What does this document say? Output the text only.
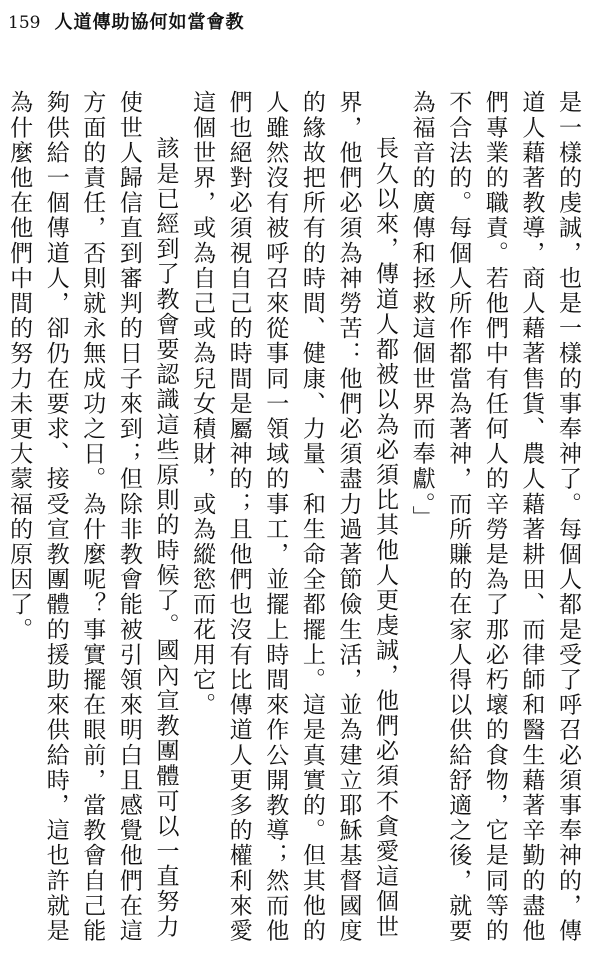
159 人道傳助協何如當會教

是一樣的虔誠，也是一樣的事奉神了。每個人都是受了呼召必須事奉神的，傳道人藉著教導，商人藉著售貨、農人藉著耕田、而律師和醫生藉著辛勤的盡他們專業的職責。若他們中有任何人的辛勞是為了那必朽壞的食物，它是同等的不合法的。每個人所作都當為著神，而所賺的在家人得以供給舒適之後，就要為福音的廣傳和拯救這個世界而奉獻。」

長久以來，傳道人都被以為必須比其他人更虔誠，他們必須不貪愛這個世界，他們必須為神勞苦：他們必須盡力過著節儉生活，並為建立耶穌基督國度的緣故把所有的時間、健康、力量、和生命全都擺上。這是真實的。但其他的人雖然沒有被呼召來從事同一領域的事工，並擺上時間來作公開教導；然而他們也絕對必須視自己的時間是屬神的；且他們也沒有比傳道人更多的權利來愛這個世界，或為自己或為兒女積財，或為縱慾而花用它。

該是已經到了教會要認識這些原則的時候了。國內宣教團體可以一直努力使世人歸信直到審判的日子來到；但除非教會能被引領來明白且感覺他們在這方面的責任，否則就永無成功之日。為什麼呢？事實擺在眼前，當教會自己能夠供給一個傳道人，卻仍在要求、接受宣教團體的援助來供給時，這也許就是為什麼他在他們中間的努力未更大蒙福的原因了。
